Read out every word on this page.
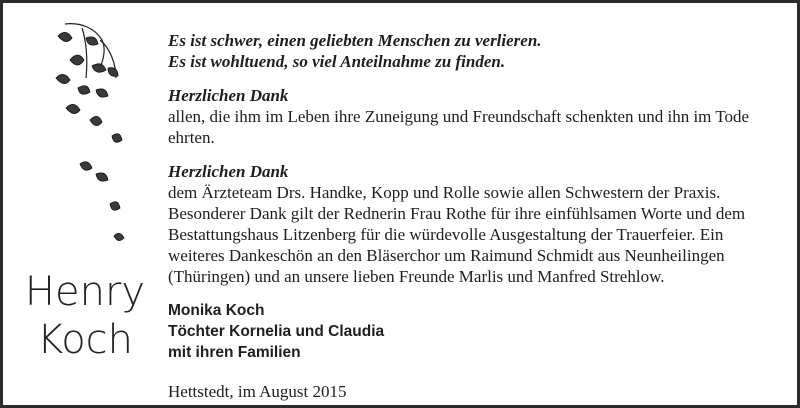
Henry
Koch
Es ist schwer, einen geliebten Menschen zu verlieren.
Es ist wohltuend, so viel Anteilnahme zu finden.
Herzlichen Dank
allen, die ihm im Leben ihre Zuneigung und Freundschaft schenkten und ihn im Tode ehrten.
Herzlichen Dank
dem Ärzteteam Drs. Handke, Kopp und Rolle sowie allen Schwestern der Praxis. Besonderer Dank gilt der Rednerin Frau Rothe für ihre einfühlsamen Worte und dem Bestattungshaus Litzenberg für die würdevolle Ausgestaltung der Trauerfeier. Ein weiteres Dankeschön an den Bläserchor um Raimund Schmidt aus Neunheilingen (Thüringen) und an unsere lieben Freunde Marlis und Manfred Strehlow.
Monika Koch
Töchter Kornelia und Claudia
mit ihren Familien
Hettstedt, im August 2015
